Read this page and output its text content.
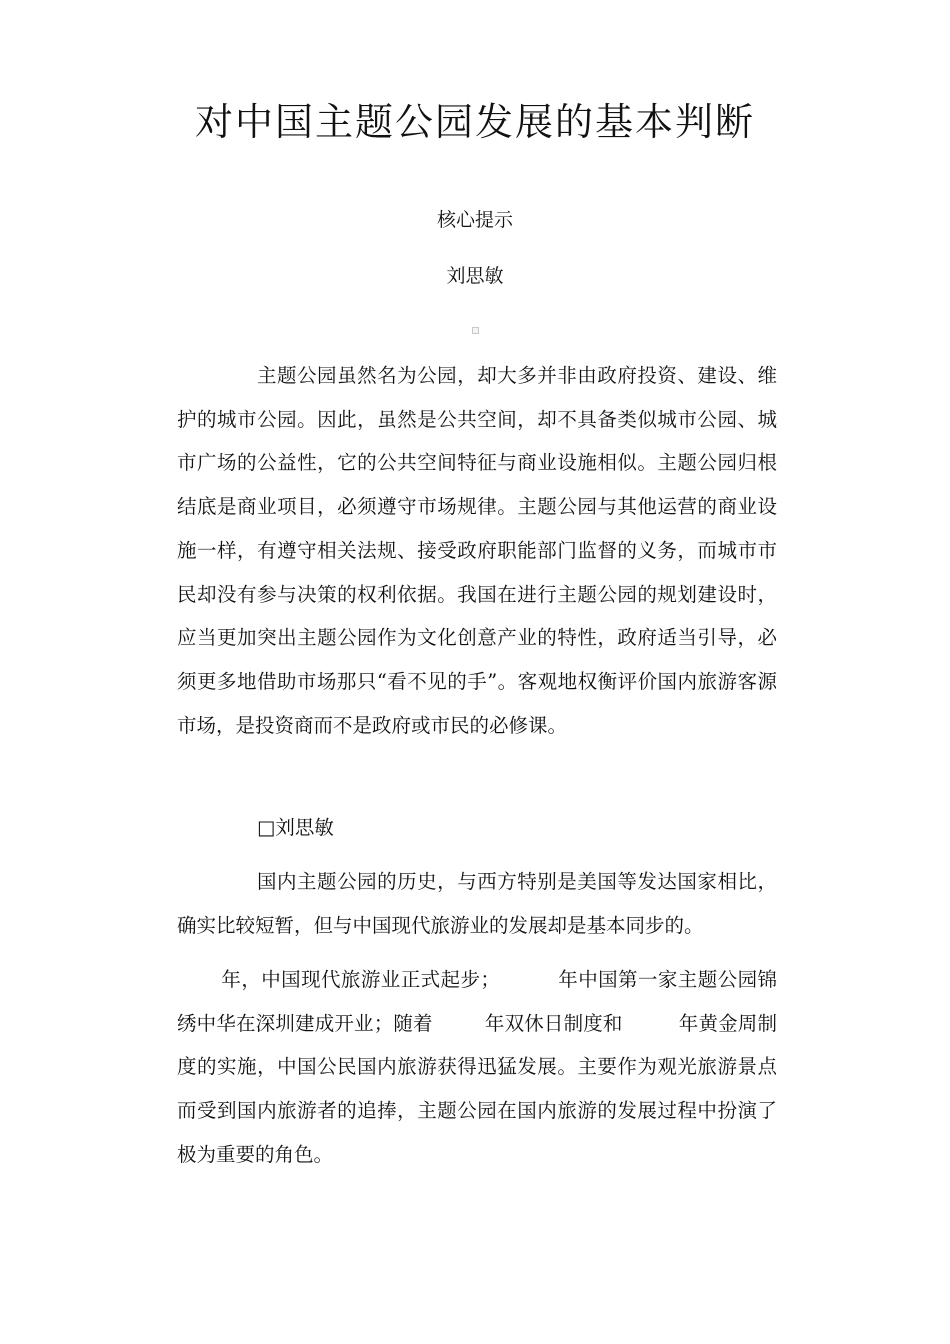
对中国主题公园发展的基本判断
核心提示
刘思敏

主题公园虽然名为公园，却大多并非由政府投资、建设、维护的城市公园。因此，虽然是公共空间，却不具备类似城市公园、城市广场的公益性，它的公共空间特征与商业设施相似。主题公园归根结底是商业项目，必须遵守市场规律。主题公园与其他运营的商业设施一样，有遵守相关法规、接受政府职能部门监督的义务，而城市市民却没有参与决策的权利依据。我国在进行主题公园的规划建设时，应当更加突出主题公园作为文化创意产业的特性，政府适当引导，必须更多地借助市场那只“看不见的手”。客观地权衡评价国内旅游客源市场，是投资商而不是政府或市民的必修课。

□刘思敏

国内主题公园的历史，与西方特别是美国等发达国家相比，确实比较短暂，但与中国现代旅游业的发展却是基本同步的。

年，中国现代旅游业正式起步；	年中国第一家主题公园锦绣中华在深圳建成开业；随着	年双休日制度和	年黄金周制度的实施，中国公民国内旅游获得迅猛发展。主要作为观光旅游景点而受到国内旅游者的追捧，主题公园在国内旅游的发展过程中扮演了极为重要的角色。
